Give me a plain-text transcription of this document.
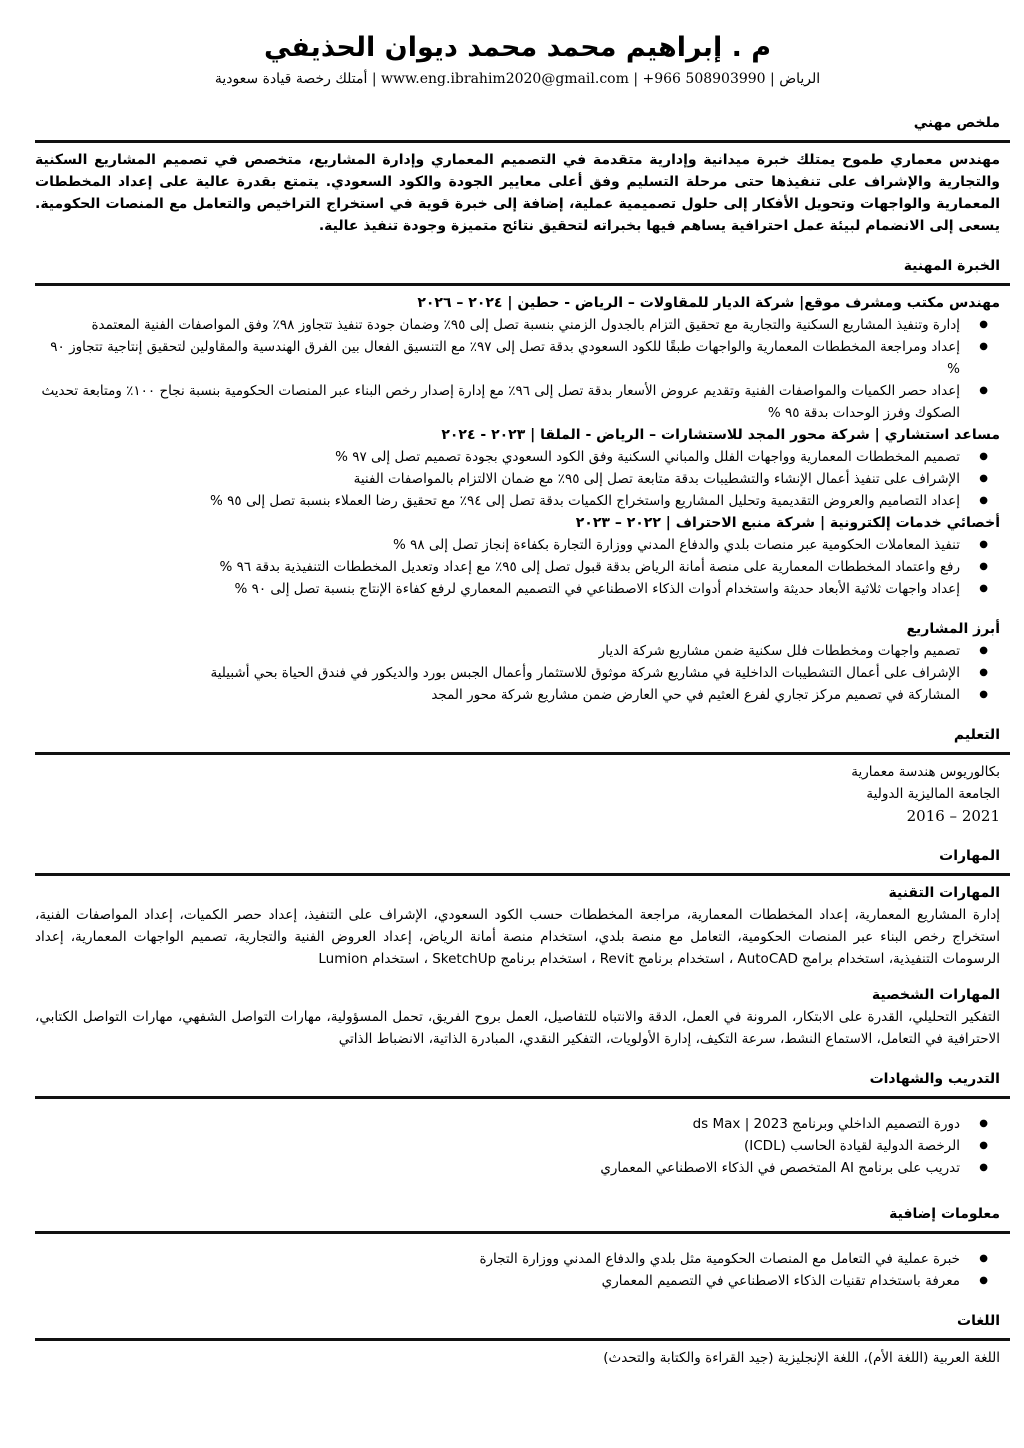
م . إبراهيم محمد محمد ديوان الحذيفي
الرياض | 508903990 966+ | www.eng.ibrahim2020@gmail.com | أمتلك رخصة قيادة سعودية
ملخص مهني
مهندس معماري طموح يمتلك خبرة ميدانية وإدارية متقدمة في التصميم المعماري وإدارة المشاريع، متخصص في تصميم المشاريع السكنية والتجارية والإشراف على تنفيذها حتى مرحلة التسليم وفق أعلى معايير الجودة والكود السعودي. يتمتع بقدرة عالية على إعداد المخططات المعمارية والواجهات وتحويل الأفكار إلى حلول تصميمية عملية، إضافة إلى خبرة قوية في استخراج التراخيص والتعامل مع المنصات الحكومية. يسعى إلى الانضمام لبيئة عمل احترافية يساهم فيها بخبراته لتحقيق نتائج متميزة وجودة تنفيذ عالية.
الخبرة المهنية
مهندس مكتب ومشرف موقع| شركة الديار للمقاولات – الرياض - حطين | ٢٠٢٤ – ٢٠٢٦
● إدارة وتنفيذ المشاريع السكنية والتجارية مع تحقيق التزام بالجدول الزمني بنسبة تصل إلى ٩٥٪ وضمان جودة تنفيذ تتجاوز ٩٨٪ وفق المواصفات الفنية المعتمدة
● إعداد ومراجعة المخططات المعمارية والواجهات طبقًا للكود السعودي بدقة تصل إلى ٩٧٪ مع التنسيق الفعال بين الفرق الهندسية والمقاولين لتحقيق إنتاجية تتجاوز ٩٠ %
● إعداد حصر الكميات والمواصفات الفنية وتقديم عروض الأسعار بدقة تصل إلى ٩٦٪ مع إدارة إصدار رخص البناء عبر المنصات الحكومية بنسبة نجاح ١٠٠٪ ومتابعة تحديث الصكوك وفرز الوحدات بدقة ٩٥ %
مساعد استشاري | شركة محور المجد للاستشارات – الرياض - الملقا | ٢٠٢٣ - ٢٠٢٤
● تصميم المخططات المعمارية وواجهات الفلل والمباني السكنية وفق الكود السعودي بجودة تصميم تصل إلى ٩٧ %
● الإشراف على تنفيذ أعمال الإنشاء والتشطيبات بدقة متابعة تصل إلى ٩٥٪ مع ضمان الالتزام بالمواصفات الفنية
● إعداد التصاميم والعروض التقديمية وتحليل المشاريع واستخراج الكميات بدقة تصل إلى ٩٤٪ مع تحقيق رضا العملاء بنسبة تصل إلى ٩٥ %
أخصائي خدمات إلكترونية | شركة منبع الاحتراف | ٢٠٢٢ – ٢٠٢٣
● تنفيذ المعاملات الحكومية عبر منصات بلدي والدفاع المدني ووزارة التجارة بكفاءة إنجاز تصل إلى ٩٨ %
● رفع واعتماد المخططات المعمارية على منصة أمانة الرياض بدقة قبول تصل إلى ٩٥٪ مع إعداد وتعديل المخططات التنفيذية بدقة ٩٦ %
● إعداد واجهات ثلاثية الأبعاد حديثة واستخدام أدوات الذكاء الاصطناعي في التصميم المعماري لرفع كفاءة الإنتاج بنسبة تصل إلى ٩٠ %
أبرز المشاريع
● تصميم واجهات ومخططات فلل سكنية ضمن مشاريع شركة الديار
● الإشراف على أعمال التشطيبات الداخلية في مشاريع شركة موثوق للاستثمار وأعمال الجبس بورد والديكور في فندق الحياة بحي أشبيلية
● المشاركة في تصميم مركز تجاري لفرع العثيم في حي العارض ضمن مشاريع شركة محور المجد
التعليم
بكالوريوس هندسة معمارية
الجامعة الماليزية الدولية
2016 – 2021
المهارات
المهارات التقنية
إدارة المشاريع المعمارية، إعداد المخططات المعمارية، مراجعة المخططات حسب الكود السعودي، الإشراف على التنفيذ، إعداد حصر الكميات، إعداد المواصفات الفنية، استخراج رخص البناء عبر المنصات الحكومية، التعامل مع منصة بلدي، استخدام منصة أمانة الرياض، إعداد العروض الفنية والتجارية، تصميم الواجهات المعمارية، إعداد الرسومات التنفيذية، استخدام برامج AutoCAD ، استخدام برنامج Revit ، استخدام برنامج SketchUp ، استخدام Lumion
المهارات الشخصية
التفكير التحليلي، القدرة على الابتكار، المرونة في العمل، الدقة والانتباه للتفاصيل، العمل بروح الفريق، تحمل المسؤولية، مهارات التواصل الشفهي، مهارات التواصل الكتابي، الاحترافية في التعامل، الاستماع النشط، سرعة التكيف، إدارة الأولويات، التفكير النقدي، المبادرة الذاتية، الانضباط الذاتي
التدريب والشهادات
● دورة التصميم الداخلي وبرنامج ds Max | 2023
● الرخصة الدولية لقيادة الحاسب (ICDL)
● تدريب على برنامج AI المتخصص في الذكاء الاصطناعي المعماري
معلومات إضافية
● خبرة عملية في التعامل مع المنصات الحكومية مثل بلدي والدفاع المدني ووزارة التجارة
● معرفة باستخدام تقنيات الذكاء الاصطناعي في التصميم المعماري
اللغات
اللغة العربية (اللغة الأم)، اللغة الإنجليزية (جيد القراءة والكتابة والتحدث)
